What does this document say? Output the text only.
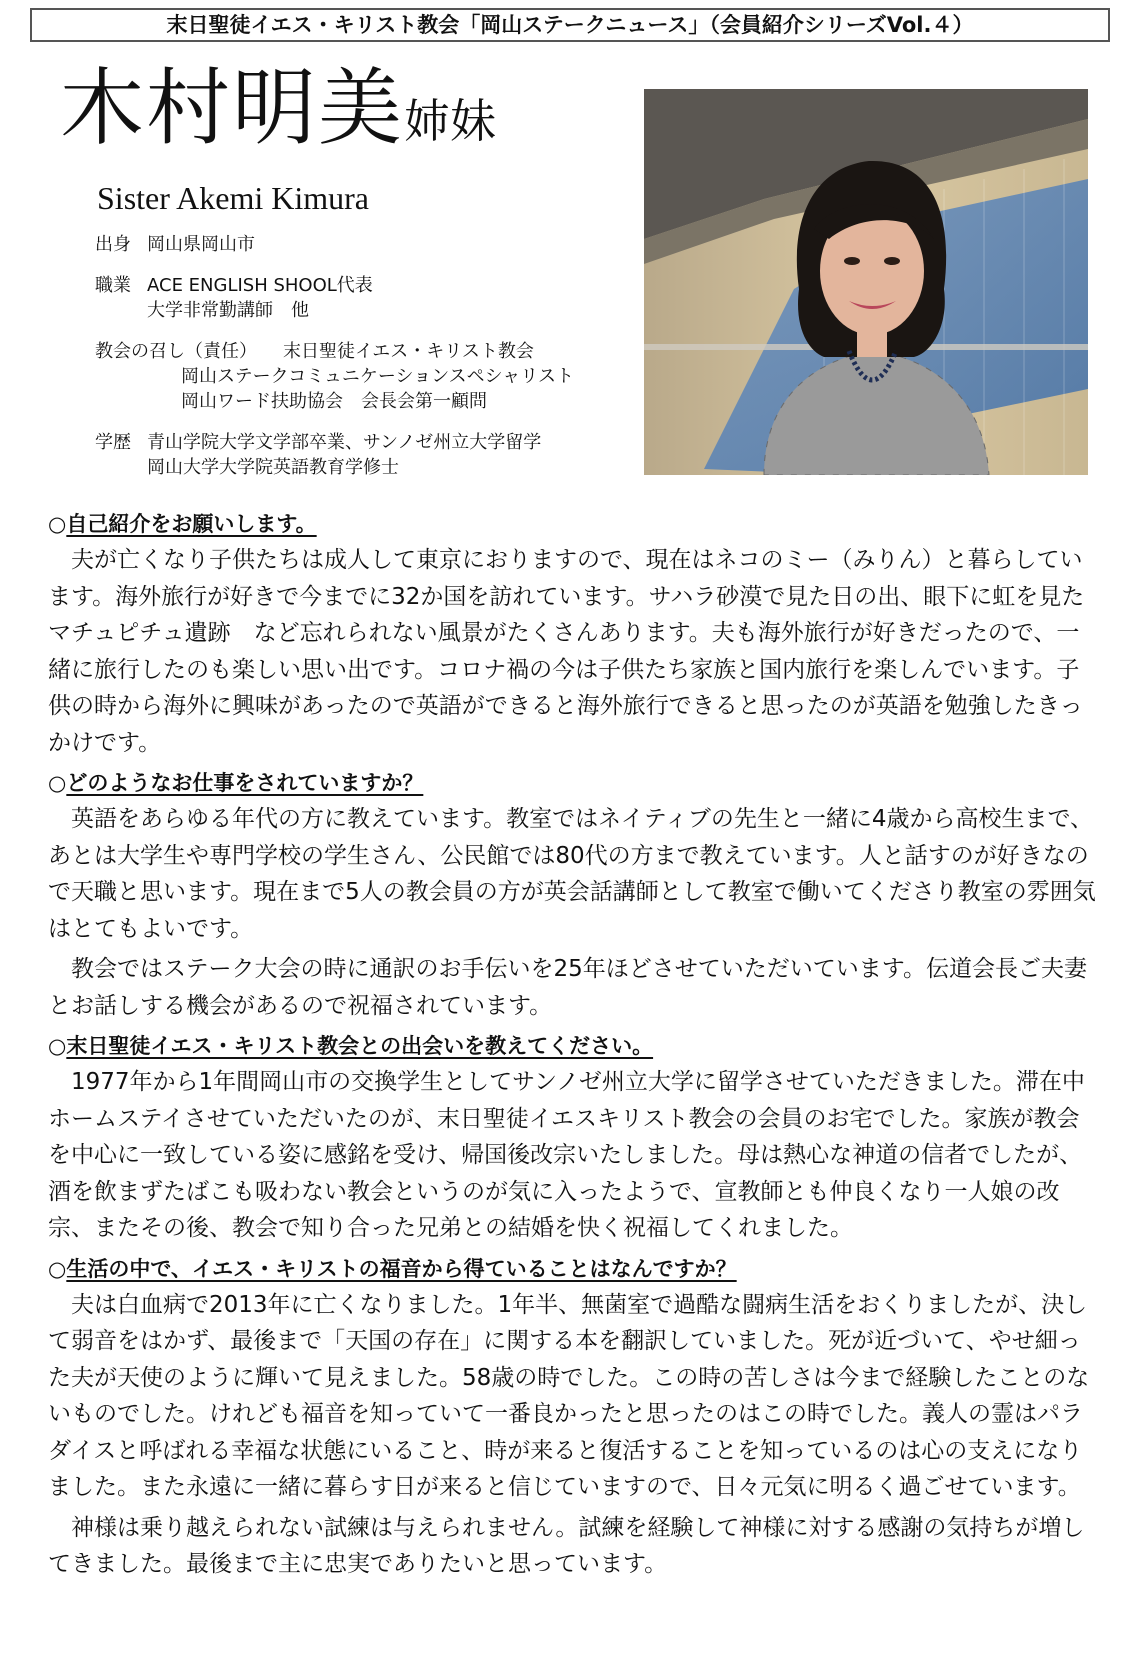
末日聖徒イエス・キリスト教会「岡山ステークニュース」（会員紹介シリーズVol.４）
木村明美姉妹
Sister Akemi Kimura
出身 岡山県岡山市
職業 ACE ENGLISH SHOOL代表
大学非常勤講師　他
教会の召し（責任） 末日聖徒イエス・キリスト教会
岡山ステークコミュニケーションスペシャリスト
岡山ワード扶助協会　会長会第一顧問
学歴 青山学院大学文学部卒業、サンノゼ州立大学留学
岡山大学大学院英語教育学修士
○自己紹介をお願いします。

夫が亡くなり子供たちは成人して東京におりますので、現在はネコのミー（みりん）と暮らしています。海外旅行が好きで今までに32か国を訪れています。サハラ砂漠で見た日の出、眼下に虹を見たマチュピチュ遺跡　など忘れられない風景がたくさんあります。夫も海外旅行が好きだったので、一緒に旅行したのも楽しい思い出です。コロナ禍の今は子供たち家族と国内旅行を楽しんでいます。子供の時から海外に興味があったので英語ができると海外旅行できると思ったのが英語を勉強したきっかけです。

○どのようなお仕事をされていますか？

英語をあらゆる年代の方に教えています。教室ではネイティブの先生と一緒に4歳から高校生まで、あとは大学生や専門学校の学生さん、公民館では80代の方まで教えています。人と話すのが好きなので天職と思います。現在まで5人の教会員の方が英会話講師として教室で働いてくださり教室の雰囲気はとてもよいです。

教会ではステーク大会の時に通訳のお手伝いを25年ほどさせていただいています。伝道会長ご夫妻とお話しする機会があるので祝福されています。

○末日聖徒イエス・キリスト教会との出会いを教えてください。

1977年から1年間岡山市の交換学生としてサンノゼ州立大学に留学させていただきました。滞在中ホームステイさせていただいたのが、末日聖徒イエスキリスト教会の会員のお宅でした。家族が教会を中心に一致している姿に感銘を受け、帰国後改宗いたしました。母は熱心な神道の信者でしたが、酒を飲まずたばこも吸わない教会というのが気に入ったようで、宣教師とも仲良くなり一人娘の改宗、またその後、教会で知り合った兄弟との結婚を快く祝福してくれました。

○生活の中で、イエス・キリストの福音から得ていることはなんですか？

夫は白血病で2013年に亡くなりました。1年半、無菌室で過酷な闘病生活をおくりましたが、決して弱音をはかず、最後まで「天国の存在」に関する本を翻訳していました。死が近づいて、やせ細った夫が天使のように輝いて見えました。58歳の時でした。この時の苦しさは今まで経験したことのないものでした。けれども福音を知っていて一番良かったと思ったのはこの時でした。義人の霊はパラダイスと呼ばれる幸福な状態にいること、時が来ると復活することを知っているのは心の支えになりました。また永遠に一緒に暮らす日が来ると信じていますので、日々元気に明るく過ごせています。

神様は乗り越えられない試練は与えられません。試練を経験して神様に対する感謝の気持ちが増してきました。最後まで主に忠実でありたいと思っています。
